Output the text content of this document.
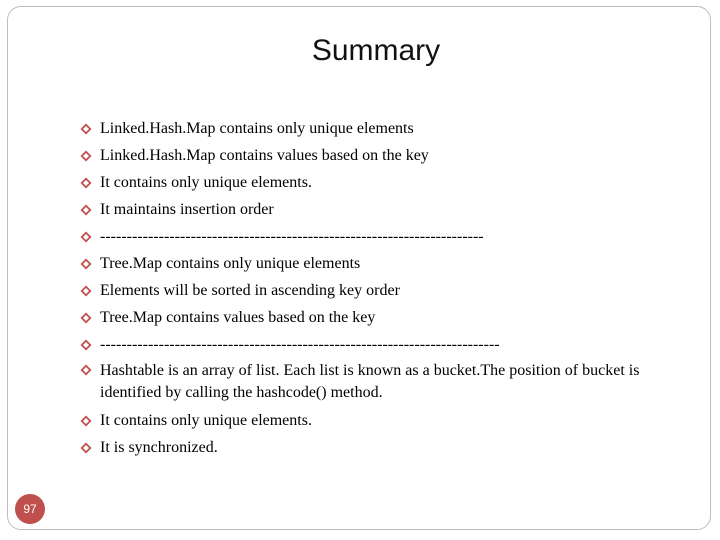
Summary
Linked.Hash.Map contains only unique elements
Linked.Hash.Map contains values based on the key
It contains only unique elements.
It maintains insertion order
------------------------------------------------------------------------
Tree.Map contains only unique elements
Elements will be sorted in ascending key order
Tree.Map contains values based on the key
---------------------------------------------------------------------------
Hashtable is an array of list. Each list is known as a bucket.The position of bucket is identified by calling the hashcode() method.
It contains only unique elements.
It is synchronized.
97
